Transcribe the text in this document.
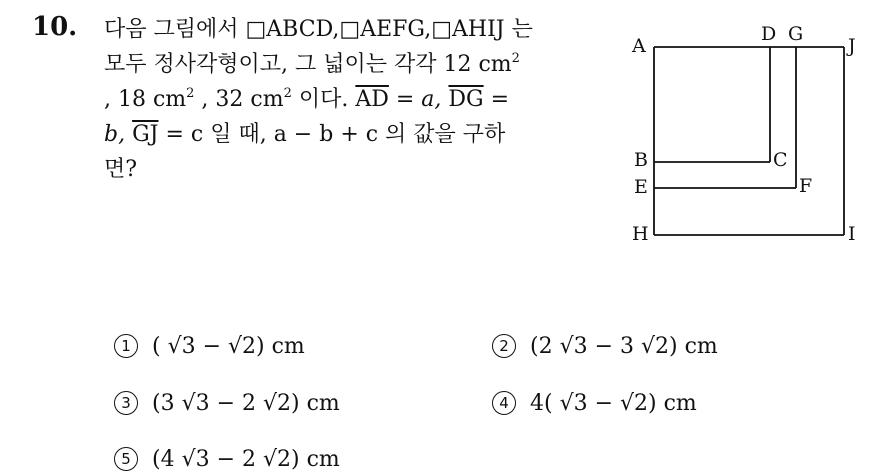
10. 다음 그림에서 □ABCD,□AEFG,□AHIJ 는
모두 정사각형이고, 그 넓이는 각각 12 $cm^2$
, 18 $cm^2$ , 32 $cm^2$ 이다. $\overline{AD} = a$, $\overline{DG}$ =
b, $\overline{GJ} = c$ 일 때, a − b + c 의 값을 구하
면?
A
D G
J
B	C
E	F
H	I
1 ( √3 − √2) cm	2 (2 √3 − 3 √2) cm
3 (3 √3 − 2 √2) cm	4 4( √3 − √2) cm
5 (4 √3 − 2 √2) cm
